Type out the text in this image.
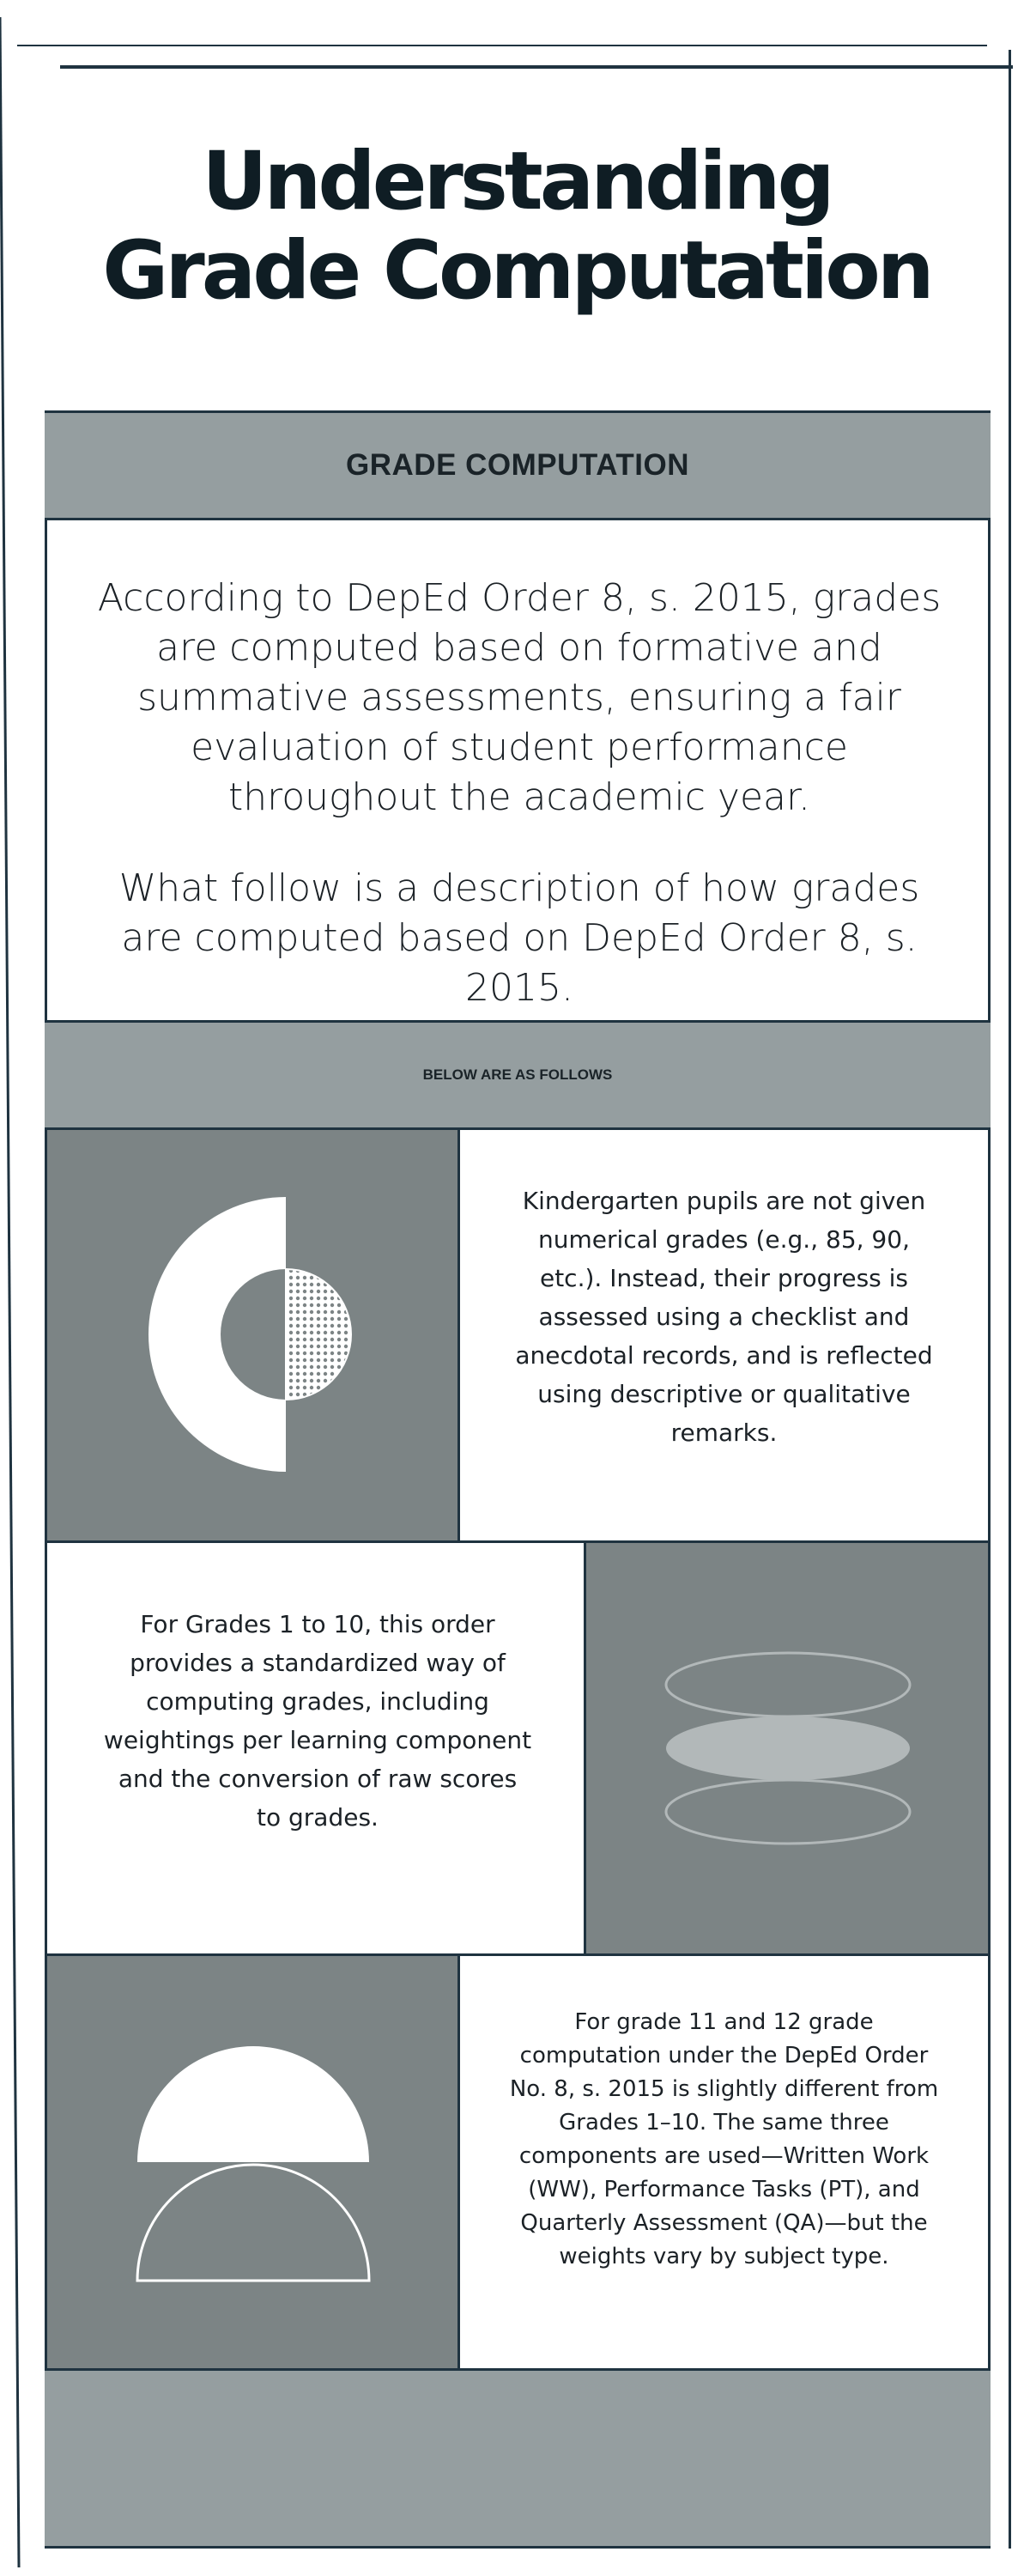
Understanding
Grade Computation
GRADE COMPUTATION
According to DepEd Order 8, s. 2015, grades are computed based on formative and summative assessments, ensuring a fair evaluation of student performance throughout the academic year.
What follow is a description of how grades are computed based on DepEd Order 8, s. 2015.
BELOW ARE AS FOLLOWS
Kindergarten pupils are not given numerical grades (e.g., 85, 90, etc.). Instead, their progress is assessed using a checklist and anecdotal records, and is reflected using descriptive or qualitative remarks.
For Grades 1 to 10, this order provides a standardized way of computing grades, including weightings per learning component and the conversion of raw scores to grades.
For grade 11 and 12 grade computation under the DepEd Order No. 8, s. 2015 is slightly different from Grades 1–10. The same three components are used—Written Work (WW), Performance Tasks (PT), and Quarterly Assessment (QA)—but the weights vary by subject type.
